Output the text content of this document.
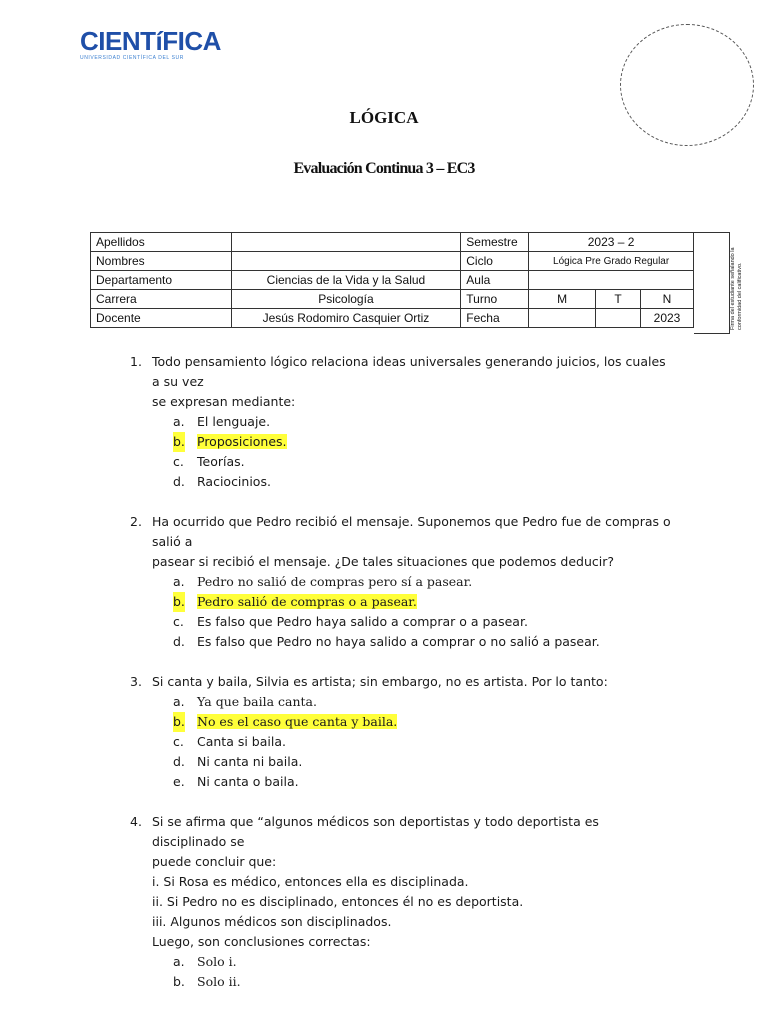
CIENTíFICA
UNIVERSIDAD CIENTÍFICA DEL SUR
LÓGICA
Evaluación Continua 3 – EC3
Apellidos		Semestre	2023 – 2		
Nombres		Ciclo	Lógica Pre Grado Regular		
Departamento	Ciencias de la Vida y la Salud	Aula			
Carrera	Psicología	Turno	M	T	N
Docente	Jesús Rodomiro Casquier Ortiz	Fecha			2023	Firma del estudiante señalando la conformidad del calificativo.
1. Todo pensamiento lógico relaciona ideas universales generando juicios, los cuales a su vez
se expresan mediante:
a. El lenguaje.
b. Proposiciones.
c. Teorías.
d. Raciocinios.
2. Ha ocurrido que Pedro recibió el mensaje. Suponemos que Pedro fue de compras o salió a
pasear si recibió el mensaje. ¿De tales situaciones que podemos deducir?
a. Pedro no salió de compras pero sí a pasear.
b. Pedro salió de compras o a pasear.
c. Es falso que Pedro haya salido a comprar o a pasear.
d. Es falso que Pedro no haya salido a comprar o no salió a pasear.
3. Si canta y baila, Silvia es artista; sin embargo, no es artista. Por lo tanto:
a. Ya que baila canta.
b. No es el caso que canta y baila.
c. Canta si baila.
d. Ni canta ni baila.
e. Ni canta o baila.
4. Si se afirma que “algunos médicos son deportistas y todo deportista es disciplinado se
puede concluir que:
i. Si Rosa es médico, entonces ella es disciplinada.
ii. Si Pedro no es disciplinado, entonces él no es deportista.
iii. Algunos médicos son disciplinados.
Luego, son conclusiones correctas:
a. Solo i.
b. Solo ii.
